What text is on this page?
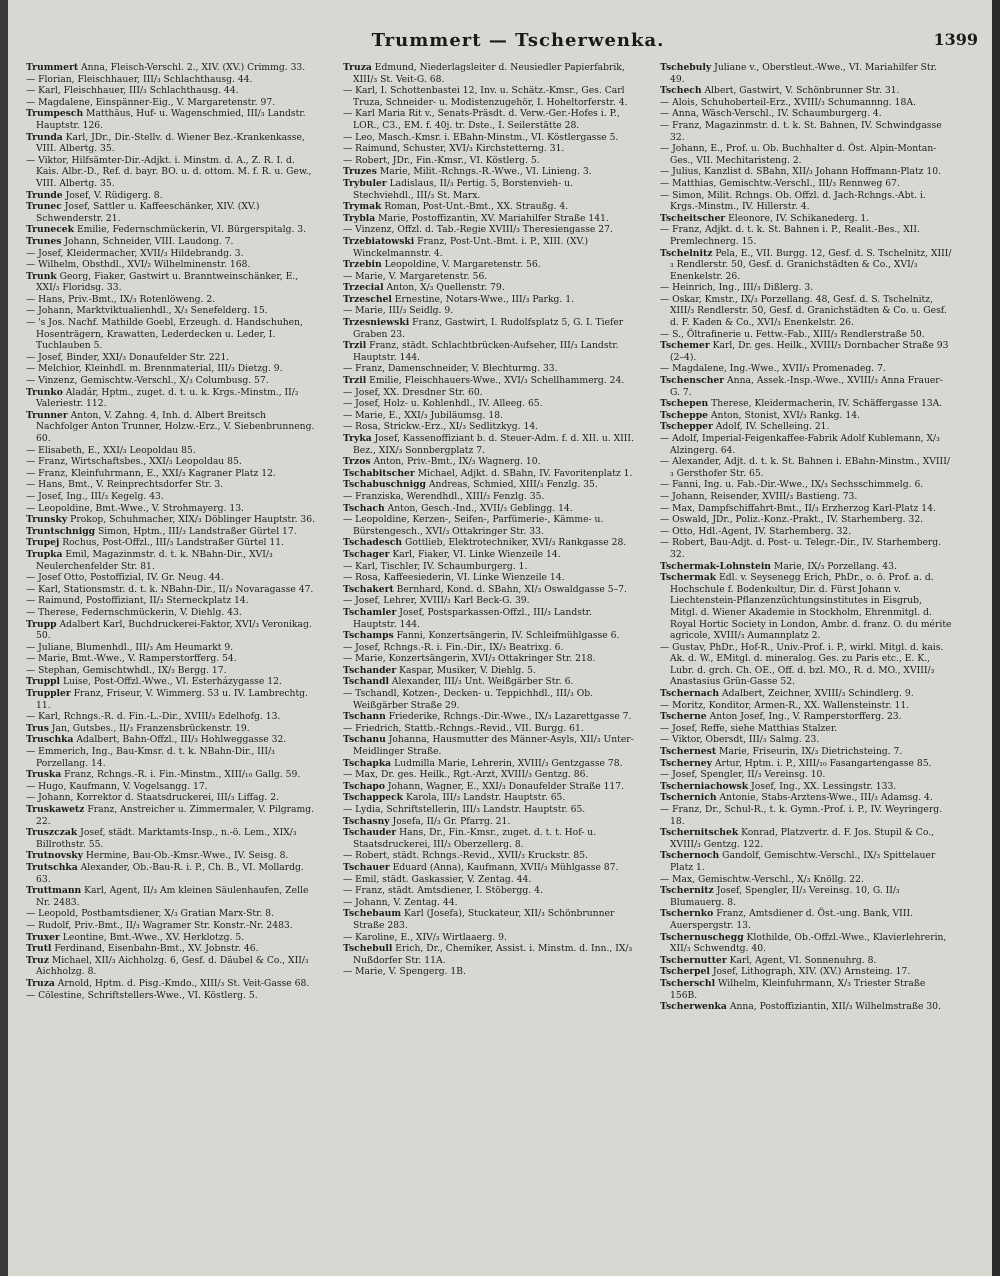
Trummert — Tscherwenka.	1399

Trummert Anna, Fleisch-Verschl. 2., XIV. (XV.) Crimmg. 33.

— Florian, Fleischhauer, III/₃ Schlachthausg. 44.

— Karl, Fleischhauer, III/₃ Schlachthausg. 44.

— Magdalene, Einspänner-Eig., V. Margaretenstr. 97.

Trumpesch Matthäus, Huf- u. Wagenschmied, III/₃ Landstr. Hauptstr. 126.

Trunda Karl, JDr., Dir.-Stellv. d. Wiener Bez.-Krankenkasse, VIII. Albertg. 35.

— Viktor, Hilfsämter-Dir.-Adjkt. i. Minstm. d. A., Z. R. I. d. Kais. Albr.-D., Ref. d. bayr. BO. u. d. ottom. M. f. R. u. Gew., VIII. Albertg. 35.

Trunde Josef, V. Rüdigerg. 8.

Trunec Josef, Sattler u. Kaffeeschänker, XIV. (XV.) Schwenderstr. 21.

Trunecek Emilie, Federnschmückerin, VI. Bürgerspitalg. 3.

Trunes Johann, Schneider, VIII. Laudong. 7.

— Josef, Kleidermacher, XVII/₃ Hildebrandg. 3.

— Wilhelm, Obsthdl., XVI/₂ Wilhelminenstr. 168.

Trunk Georg, Fiaker, Gastwirt u. Branntweinschänker, E., XXI/₃ Floridsg. 33.

— Hans, Priv.-Bmt., IX/₃ Rotenlöweng. 2.

— Johann, Marktviktualienhdl., X/₃ Senefelderg. 15.

— 's Jos. Nachf. Mathilde Goebl, Erzeugh. d. Handschuhen, Hosenträgern, Krawatten, Lederdecken u. Leder, I. Tuchlauben 5.

— Josef, Binder, XXI/₃ Donaufelder Str. 221.

— Melchior, Kleinhdl. m. Brennmaterial, III/₃ Dietzg. 9.

— Vinzenz, Gemischtw.-Verschl., X/₃ Columbusg. 57.

Trunko Aladár, Hptm., zuget. d. t. u. k. Krgs.-Minstm., II/₂ Valeriestr. 112.

Trunner Anton, V. Zahng. 4, Inh. d. Albert Breitsch Nachfolger Anton Trunner, Holzw.-Erz., V. Siebenbrunneng. 60.

— Elisabeth, E., XXI/₃ Leopoldau 85.

— Franz, Wirtschaftsbes., XXI/₃ Leopoldau 85.

— Franz, Kleinfuhrmann, E., XXI/₃ Kagraner Platz 12.

— Hans, Bmt., V. Reinprechtsdorfer Str. 3.

— Josef, Ing., III/₃ Kegelg. 43.

— Leopoldine, Bmt.-Wwe., V. Strohmayerg. 13.

Trunsky Prokop, Schuhmacher, XIX/₃ Döblinger Hauptstr. 36.

Truntschnigg Simon, Hptm., III/₃ Landstraßer Gürtel 17.

Trupej Rochus, Post-Offzl., III/₃ Landstraßer Gürtel 11.

Trupka Emil, Magazinmstr. d. t. k. NBahn-Dir., XVI/₃ Neulerchenfelder Str. 81.

— Josef Otto, Postoffizial, IV. Gr. Neug. 44.

— Karl, Stationsmstr. d. t. k. NBahn-Dir., II/₃ Novaragasse 47.

— Raimund, Postoffiziant, II/₃ Sterneckplatz 14.

— Therese, Federnschmückerin, V. Diehlg. 43.

Trupp Adalbert Karl, Buchdruckerei-Faktor, XVI/₃ Veronikag. 50.

— Juliane, Blumenhdl., III/₃ Am Heumarkt 9.

— Marie, Bmt.-Wwe., V. Ramperstorfferg. 54.

— Stephan, Gemischtwhdl., IX/₃ Bergg. 17.

Truppl Luise, Post-Offzl.-Wwe., VI. Esterházygasse 12.

Truppler Franz, Friseur, V. Wimmerg. 53 u. IV. Lambrechtg. 11.

— Karl, Rchngs.-R. d. Fin.-L.-Dir., XVIII/₃ Edelhofg. 13.

Trus Jan, Gutsbes., II/₃ Franzensbrückenstr. 19.

Truschka Adalbert, Bahn-Offzl., III/₃ Hohlweggasse 32.

— Emmerich, Ing., Bau-Kmsr. d. t. k. NBahn-Dir., III/₃ Porzellang. 14.

Truska Franz, Rchngs.-R. i. Fin.-Minstm., XIII/₁₀ Gallg. 59.

— Hugo, Kaufmann, V. Vogelsangg. 17.

— Johann, Korrektor d. Staatsdruckerei, III/₃ Liffag. 2.

Truskawetz Franz, Anstreicher u. Zimmermaler, V. Pilgramg. 22.

Truszczak Josef, städt. Marktamts-Insp., n.-ö. Lem., XIX/₃ Billrothstr. 55.

Trutnovsky Hermine, Bau-Ob.-Kmsr.-Wwe., IV. Seisg. 8.

Trutschka Alexander, Ob.-Bau-R. i. P., Ch. B., VI. Mollardg. 63.

Truttmann Karl, Agent, II/₃ Am kleinen Säulenhaufen, Zelle Nr. 2483.

— Leopold, Postbamtsdiener, X/₃ Gratian Marx-Str. 8.

— Rudolf, Priv.-Bmt., II/₃ Wagramer Str. Konstr.-Nr. 2483.

Truxer Leontine, Bmt.-Wwe., XV. Herklotzg. 5.

Trutl Ferdinand, Eisenbahn-Bmt., XV. Jobnstr. 46.

Truz Michael, XII/₃ Aichholzg. 6, Gesf. d. Däubel & Co., XII/₃ Aichholzg. 8.

Truza Arnold, Hptm. d. Pisg.-Kmdo., XIII/₃ St. Veit-Gasse 68.

— Cölestine, Schriftstellers-Wwe., VI. Köstlerg. 5.

Truza Edmund, Niederlagsleiter d. Neusiedler Papierfabrik, XIII/₃ St. Veit-G. 68.

— Karl, I. Schottenbastei 12, Inv. u. Schätz.-Kmsr., Ges. Carl Truza, Schneider- u. Modistenzugehör, I. Hoheltorferstr. 4.

— Karl Maria Rit v., Senats-Präsdt. d. Verw.-Ger.-Hofes i. P., LOR., C3., EM. f. 40j. tr. Dste., I. Seilerstätte 28.

— Leo, Masch.-Kmsr. i. EBahn-Minstm., VI. Köstlergasse 5.

— Raimund, Schuster, XVI/₃ Kirchstetterng. 31.

— Robert, JDr., Fin.-Kmsr., VI. Köstlerg. 5.

Truzes Marie, Milit.-Rchngs.-R.-Wwe., VI. Linieng. 3.

Trybuler Ladislaus, II/₃ Pertig. 5, Borstenvieh- u. Stechviehdl., III/₃ St. Marx.

Trymak Roman, Post-Unt.-Bmt., XX. Straußg. 4.

Trybla Marie, Postoffizantin, XV. Mariahilfer Straße 141.

— Vinzenz, Offzl. d. Tab.-Regie XVIII/₃ Theresiengasse 27.

Trzebiatowski Franz, Post-Unt.-Bmt. i. P., XIII. (XV.) Winckelmannstr. 4.

Trzebin Leopoldine, V. Margaretenstr. 56.

— Marie, V. Margaretenstr. 56.

Trzecial Anton, X/₃ Quellenstr. 79.

Trzeschel Ernestine, Notars-Wwe., III/₃ Parkg. 1.

— Marie, III/₃ Seidlg. 9.

Trzesniewski Franz, Gastwirt, I. Rudolfsplatz 5, G. I. Tiefer Graben 23.

Trzil Franz, städt. Schlachtbrücken-Aufseher, III/₃ Landstr. Hauptstr. 144.

— Franz, Damenschneider, V. Blechturmg. 33.

Trzil Emilie, Fleischhauers-Wwe., XVI/₃ Schellhammerg. 24.

— Josef, XX. Dresdner Str. 60.

— Josef, Holz- u. Kohlenhdl., IV. Alleeg. 65.

— Marie, E., XXI/₃ Jubiläumsg. 18.

— Rosa, Strickw.-Erz., XI/₃ Sedlitzkyg. 14.

Tryka Josef, Kassenoffiziant b. d. Steuer-Adm. f. d. XII. u. XIII. Bez., XIX/₃ Sonnbergplatz 7.

Trzos Anton, Priv.-Bmt., IX/₃ Wagnerg. 10.

Tschabitscher Michael, Adjkt. d. SBahn, IV. Favoritenplatz 1.

Tschabuschnigg Andreas, Schmied, XIII/₃ Fenzlg. 35.

— Franziska, Werendhdl., XIII/₃ Fenzlg. 35.

Tschach Anton, Gesch.-Ind., XVII/₃ Geblingg. 14.

— Leopoldine, Kerzen-, Seifen-, Parfümerie-, Kämme- u. Bürstengesch., XVI/₃ Ottakringer Str. 33.

Tschadesch Gottlieb, Elektrotechniker, XVI/₃ Rankgasse 28.

Tschager Karl, Fiaker, VI. Linke Wienzeile 14.

— Karl, Tischler, IV. Schaumburgerg. 1.

— Rosa, Kaffeesiederin, VI. Linke Wienzeile 14.

Tschakert Bernhard, Kond. d. SBahn, XI/₃ Oswaldgasse 5–7.

— Josef, Lehrer, XVIII/₃ Karl Beck-G. 39.

Tschamler Josef, Postsparkassen-Offzl., III/₃ Landstr. Hauptstr. 144.

Tschamps Fanni, Konzertsängerin, IV. Schleifmühlgasse 6.

— Josef, Rchngs.-R. i. Fin.-Dir., IX/₃ Beatrixg. 6.

— Marie, Konzertsängerin, XVI/₃ Ottakringer Str. 218.

Tschander Kaspar, Musiker, V. Diehlg. 5.

Tschandl Alexander, III/₃ Unt. Weißgärber Str. 6.

— Tschandl, Kotzen-, Decken- u. Teppichhdl., III/₃ Ob. Weißgärber Straße 29.

Tschann Friederike, Rchngs.-Dir.-Wwe., IX/₃ Lazarettgasse 7.

— Friedrich, Stattb.-Rchngs.-Revid., VII. Burgg. 61.

Tschanu Johanna, Hausmutter des Männer-Asyls, XII/₃ Unter-Meidlinger Straße.

Tschapka Ludmilla Marie, Lehrerin, XVIII/₃ Gentzgasse 78.

— Max, Dr. ges. Heilk., Rgt.-Arzt, XVIII/₃ Gentzg. 86.

Tschapo Johann, Wagner, E., XXI/₃ Donaufelder Straße 117.

Tschappeck Karola, III/₃ Landstr. Hauptstr. 65.

— Lydia, Schriftstellerin, III/₃ Landstr. Hauptstr. 65.

Tschasny Josefa, II/₃ Gr. Pfarrg. 21.

Tschauder Hans, Dr., Fin.-Kmsr., zuget. d. t. t. Hof- u. Staatsdruckerei, III/₃ Oberzellerg. 8.

— Robert, städt. Rchngs.-Revid., XVII/₃ Kruckstr. 85.

Tschauer Eduard (Anna), Kaufmann, XVII/₃ Mühlgasse 87.

— Emil, städt. Gaskassier, V. Zentag. 44.

— Franz, städt. Amtsdiener, I. Stöbergg. 4.

— Johann, V. Zentag. 44.

Tschebaum Karl (Josefa), Stuckateur, XII/₃ Schönbrunner Straße 283.

— Karoline, E., XIV/₃ Wirtlaaerg. 9.

Tschebull Erich, Dr., Chemiker, Assist. i. Minstm. d. Inn., IX/₃ Nußdorfer Str. 11A.

— Marie, V. Spengerg. 1B.

Tschebuly Juliane v., Oberstleut.-Wwe., VI. Mariahilfer Str. 49.

Tschech Albert, Gastwirt, V. Schönbrunner Str. 31.

— Alois, Schuhoberteil-Erz., XVIII/₃ Schumannng. 18A.

— Anna, Wäsch-Verschl., IV. Schaumburgerg. 4.

— Franz, Magazinmstr. d. t. k. St. Bahnen, IV. Schwindgasse 32.

— Johann, E., Prof. u. Ob. Buchhalter d. Öst. Alpin-Montan-Ges., VII. Mechitaristeng. 2.

— Julius, Kanzlist d. SBahn, XII/₃ Johann Hoffmann-Platz 10.

— Matthias, Gemischtw.-Verschl., III/₃ Rennweg 67.

— Simon, Milit. Rchngs. Ob. Offzl. d. Jach-Rchngs.-Abt. i. Krgs.-Minstm., IV. Hillerstr. 4.

Tscheitscher Eleonore, IV. Schikanederg. 1.

— Franz, Adjkt. d. t. k. St. Bahnen i. P., Realit.-Bes., XII. Premlechnerg. 15.

Tschelnitz Pela, E., VII. Burgg. 12, Gesf. d. S. Tschelnitz, XIII/₃ Rendlerstr. 50, Gesf. d. Granichstädten & Co., XVI/₃ Enenkelstr. 26.

— Heinrich, Ing., III/₃ Dißlerg. 3.

— Oskar, Kmstr., IX/₃ Porzellang. 48, Gesf. d. S. Tschelnitz, XIII/₃ Rendlerstr. 50, Gesf. d. Granichstädten & Co. u. Gesf. d. F. Kaden & Co., XVI/₃ Enenkelstr. 26.

— S., Öltrafinerie u. Fettw.-Fab., XIII/₃ Rendlerstraße 50.

Tschemer Karl, Dr. ges. Heilk., XVIII/₃ Dornbacher Straße 93 (2–4).

— Magdalene, Ing.-Wwe., XVII/₃ Promenadeg. 7.

Tschenscher Anna, Assek.-Insp.-Wwe., XVIII/₃ Anna Frauer-G. 7.

Tschepen Therese, Kleidermacherin, IV. Schäffergasse 13A.

Tscheppe Anton, Stonist, XVI/₃ Rankg. 14.

Tschepper Adolf, IV. Schelleing. 21.

— Adolf, Imperial-Feigenkaffee-Fabrik Adolf Kublemann, X/₃ Alzingerg. 64.

— Alexander, Adjt. d. t. k. St. Bahnen i. EBahn-Minstm., XVIII/₃ Gersthofer Str. 65.

— Fanni, Ing. u. Fab.-Dir.-Wwe., IX/₃ Sechsschimmelg. 6.

— Johann, Reisender, XVIII/₃ Bastieng. 73.

— Max, Dampfschiffahrt-Bmt., II/₃ Erzherzog Karl-Platz 14.

— Oswald, JDr., Poliz.-Konz.-Prakt., IV. Starhemberg. 32.

— Otto, Hdl.-Agent, IV. Starhemberg. 32.

— Robert, Bau-Adjt. d. Post- u. Telegr.-Dir., IV. Starhemberg. 32.

Tschermak-Lohnstein Marie, IX/₃ Porzellang. 43.

Tschermak Edl. v. Seysenegg Erich, PhDr., o. ö. Prof. a. d. Hochschule f. Bodenkultur, Dir. d. Fürst Johann v. Liechtenstein-Pflanzenzüchtungsinstitutes in Eisgrub, Mitgl. d. Wiener Akademie in Stockholm, Ehrenmitgl. d. Royal Hortic Society in London, Ambr. d. franz. O. du mérite agricole, XVIII/₃ Aumannplatz 2.

— Gustav, PhDr., Hof-R., Univ.-Prof. i. P., wirkl. Mitgl. d. kais. Ak. d. W., EMitgl. d. mineralog. Ges. zu Paris etc., E. K., Lubr. d. grch. Ch. OE., Off. d. bzl. MO., R. d. MO., XVIII/₃ Anastasius Grün-Gasse 52.

Tschernach Adalbert, Zeichner, XVIII/₃ Schindlerg. 9.

— Moritz, Konditor, Armen-R., XX. Wallensteinstr. 11.

Tscherne Anton Josef, Ing., V. Ramperstorfferg. 23.

— Josef, Reffe, siehe Matthias Stalzer.

— Viktor, Obersdt, III/₃ Salmg. 23.

Tschernest Marie, Friseurin, IX/₃ Dietrichsteing. 7.

Tscherney Artur, Hptm. i. P., XIII/₁₀ Fasangartengasse 85.

— Josef, Spengler, II/₃ Vereinsg. 10.

Tscherniachowsk Josef, Ing., XX. Lessingstr. 133.

Tschernich Antonie, Stabs-Arztens-Wwe., III/₃ Adamsg. 4.

— Franz, Dr., Schul-R., t. k. Gymn.-Prof. i. P., IV. Weyringerg. 18.

Tschernitschek Konrad, Platzvertr. d. F. Jos. Stupil & Co., XVIII/₃ Gentzg. 122.

Tschernoch Gandolf, Gemischtw.-Verschl., IX/₃ Spittelauer Platz 1.

— Max, Gemischtw.-Verschl., X/₃ Knöllg. 22.

Tschernitz Josef, Spengler, II/₃ Vereinsg. 10, G. II/₃ Blumauerg. 8.

Tschernko Franz, Amtsdiener d. Öst.-ung. Bank, VIII. Auerspergstr. 13.

Tschernuschegg Klothilde, Ob.-Offzl.-Wwe., Klavierlehrerin, XII/₃ Schwendtg. 40.

Tschernutter Karl, Agent, VI. Sonnenuhrg. 8.

Tscherpel Josef, Lithograph, XIV. (XV.) Arnsteing. 17.

Tscherschl Wilhelm, Kleinfuhrmann, X/₃ Triester Straße 156B.

Tscherwenka Anna, Postoffiziantin, XII/₃ Wilhelmstraße 30.
